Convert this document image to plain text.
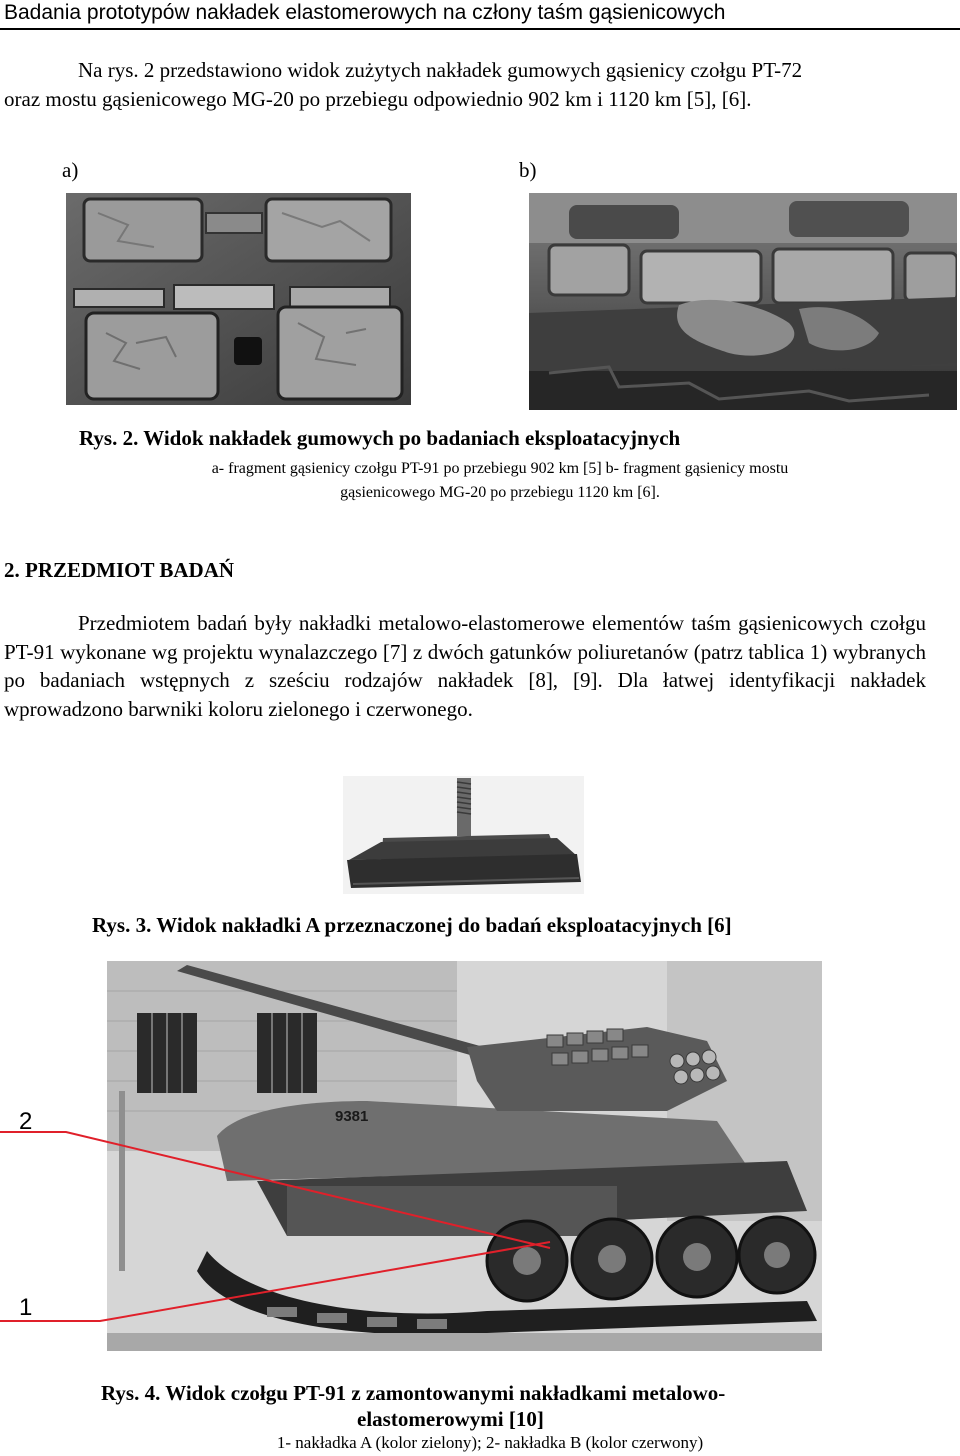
Badania prototypów nakładek elastomerowych na człony taśm gąsienicowych
Na rys. 2 przedstawiono widok zużytych nakładek gumowych gąsienicy czołgu PT-72
oraz mostu gąsienicowego MG-20 po przebiegu odpowiednio 902 km i 1120 km [5], [6].
a)	b)
Rys. 2. Widok nakładek gumowych po badaniach eksploatacyjnych
a- fragment gąsienicy czołgu PT-91 po przebiegu 902 km [5] b- fragment gąsienicy mostu
gąsienicowego MG-20 po przebiegu 1120 km [6].
2. PRZEDMIOT BADAŃ

Przedmiotem badań były nakładki metalowo-elastomerowe elementów taśm gąsienicowych czołgu PT-91 wykonane wg projektu wynalazczego [7] z dwóch gatunków poliuretanów (patrz tablica 1) wybranych po badaniach wstępnych z sześciu rodzajów nakładek [8], [9]. Dla łatwej identyfikacji nakładek wprowadzono barwniki koloru zielonego i czerwonego.

Rys. 3. Widok nakładki A przeznaczonej do badań eksploatacyjnych [6]
9381
2
1
Rys. 4. Widok czołgu PT-91 z zamontowanymi nakładkami metalowo-
elastomerowymi [10]
1- nakładka A (kolor zielony); 2- nakładka B (kolor czerwony)
